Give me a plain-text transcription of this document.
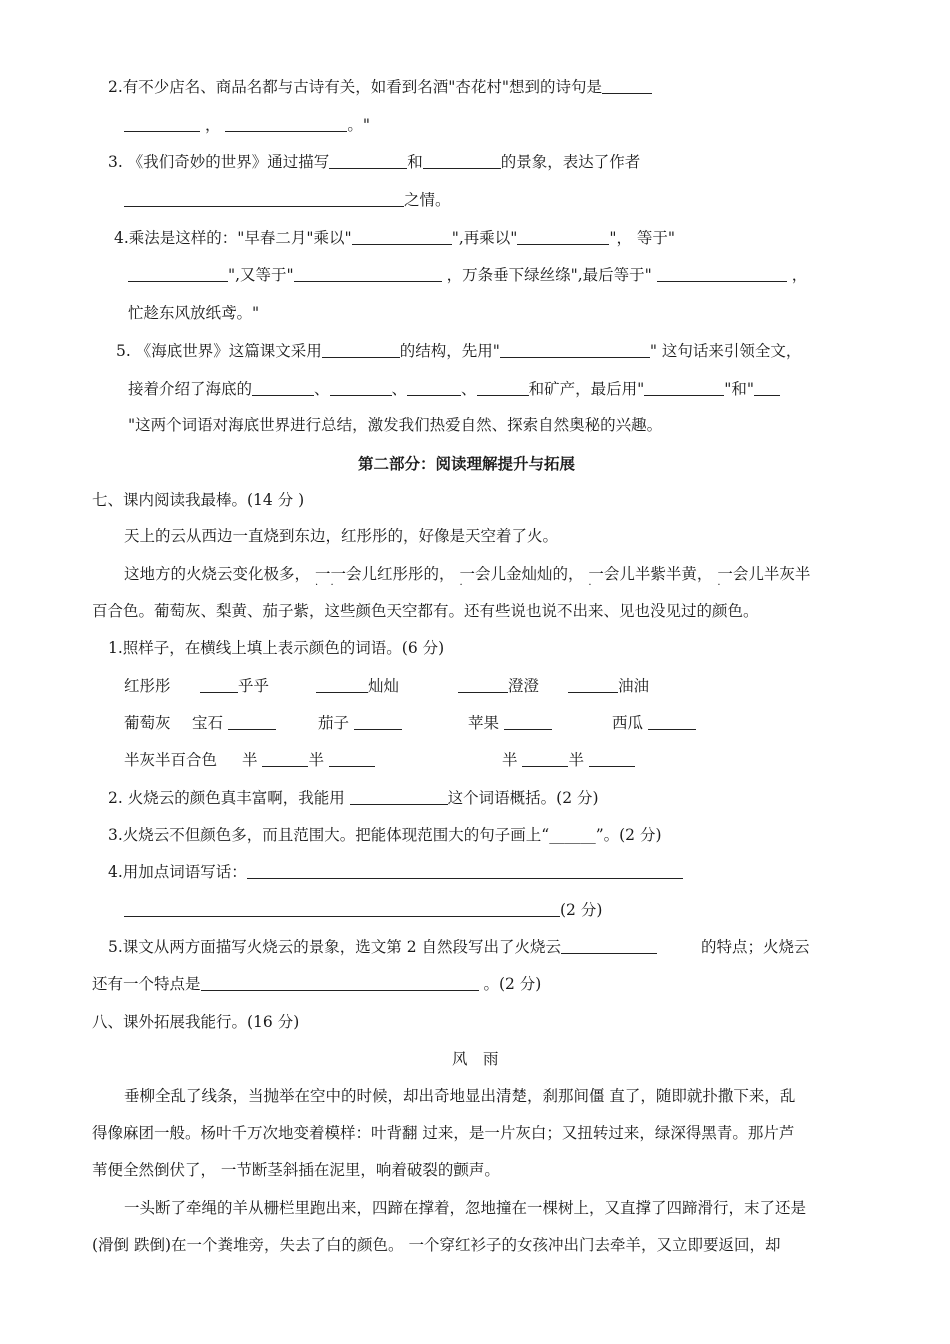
2.有不少店名、商品名都与古诗有关，如看到名酒"杏花村"想到的诗句是
，	。"
3. 《我们奇妙的世界》通过描写	和	的景象，表达了作者
之情。
4.乘法是这样的："早春二月"乘以"	",再乘以"	"， 等于"
",又等于"	，万条垂下绿丝绦",最后等于"	，
忙趁东风放纸鸢。"
5. 《海底世界》这篇课文采用	的结构，先用"	" 这句话来引领全文，
接着介绍了海底的	、	、	、	和矿产，最后用"	"和"
"这两个词语对海底世界进行总结，激发我们热爱自然、探索自然奥秘的兴趣。
第二部分：阅读理解提升与拓展
七、课内阅读我最棒。(14 分 )
天上的云从西边一直烧到东边，红彤彤的，好像是天空着了火。
这地方的火烧云变化极多， 一
·
一
·
会儿红彤彤的， 一
·
会儿金灿灿的， 一
·
会儿半紫半黄， 一
·
会儿半灰半
百合色。葡萄灰、梨黄、茄子紫，这些颜色天空都有。还有些说也说不出来、见也没见过的颜色。
1.照样子，在横线上填上表示颜色的词语。(6 分)
红彤彤	乎乎	灿灿	澄澄	油油
葡萄灰 宝石	茄子	苹果	西瓜
半灰半百合色 半	半	半	半
2. 火烧云的颜色真丰富啊，我能用	这个词语概括。(2 分)
3.火烧云不但颜色多，而且范围大。把能体现范围大的句子画上“______”。(2 分)
4.用加点词语写话：
(2 分)
5.课文从两方面描写火烧云的景象，选文第 2 自然段写出了火烧云	的特点；火烧云
还有一个特点是	。(2 分)
八、课外拓展我能行。(16 分)
风　雨
垂柳全乱了线条，当抛举在空中的时候，却出奇地显出清楚，刹那间僵 直了，随即就扑撒下来，乱
得像麻团一般。杨叶千万次地变着模样：叶背翻 过来，是一片灰白；又扭转过来，绿深得黑青。那片芦
苇便全然倒伏了， 一节断茎斜插在泥里，响着破裂的颤声。
一头断了牵绳的羊从栅栏里跑出来，四蹄在撑着，忽地撞在一棵树上，又直撑了四蹄滑行，末了还是
(滑倒 跌倒)在一个粪堆旁，失去了白的颜色。 一个穿红衫子的女孩冲出门去牵羊，又立即要返回，却
